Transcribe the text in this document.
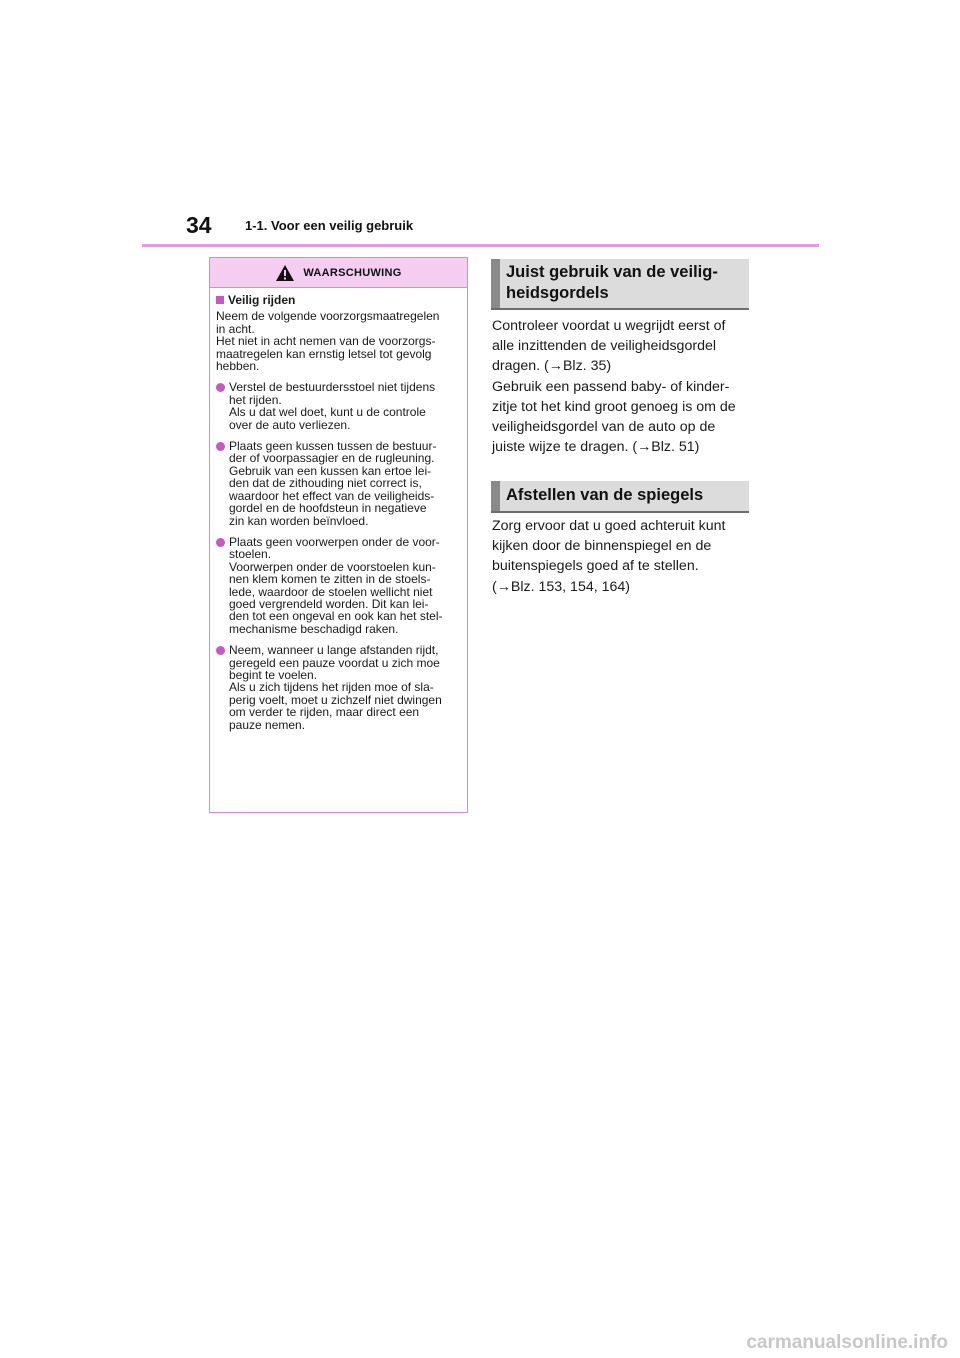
34	1-1. Voor een veilig gebruik
WAARSCHUWING
Veilig rijden
Neem de volgende voorzorgsmaatregelen
in acht.
Het niet in acht nemen van de voorzorgs-
maatregelen kan ernstig letsel tot gevolg
hebben.
Verstel de bestuurdersstoel niet tijdens
het rijden.
Als u dat wel doet, kunt u de controle
over de auto verliezen.
Plaats geen kussen tussen de bestuur-
der of voorpassagier en de rugleuning.
Gebruik van een kussen kan ertoe lei-
den dat de zithouding niet correct is,
waardoor het effect van de veiligheids-
gordel en de hoofdsteun in negatieve
zin kan worden beïnvloed.
Plaats geen voorwerpen onder de voor-
stoelen.
Voorwerpen onder de voorstoelen kun-
nen klem komen te zitten in de stoels-
lede, waardoor de stoelen wellicht niet
goed vergrendeld worden. Dit kan lei-
den tot een ongeval en ook kan het stel-
mechanisme beschadigd raken.
Neem, wanneer u lange afstanden rijdt,
geregeld een pauze voordat u zich moe
begint te voelen.
Als u zich tijdens het rijden moe of sla-
perig voelt, moet u zichzelf niet dwingen
om verder te rijden, maar direct een
pauze nemen.
Juist gebruik van de veilig-
heidsgordels
Controleer voordat u wegrijdt eerst of
alle inzittenden de veiligheidsgordel
dragen. (→Blz. 35)
Gebruik een passend baby- of kinder-
zitje tot het kind groot genoeg is om de
veiligheidsgordel van de auto op de
juiste wijze te dragen. (→Blz. 51)
Afstellen van de spiegels
Zorg ervoor dat u goed achteruit kunt
kijken door de binnenspiegel en de
buitenspiegels goed af te stellen.
(→Blz. 153, 154, 164)
carmanualsonline.info
